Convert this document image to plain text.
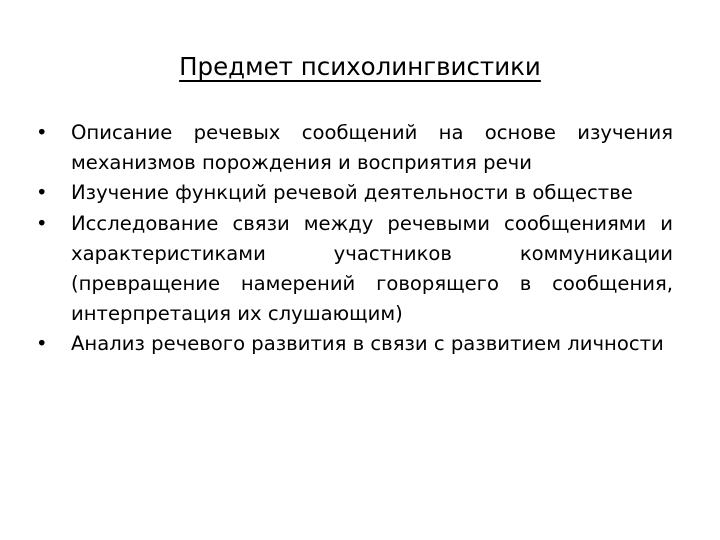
Предмет психолингвистики
•	Описание речевых сообщений на основе изучения механизмов порождения и восприятия речи
•	Изучение функций речевой деятельности в обществе
•	Исследование связи между речевыми сообщениями и характеристиками участников коммуникации (превращение намерений говорящего в сообщения, интерпретация их слушающим)
•	Анализ речевого развития в связи с развитием личности
